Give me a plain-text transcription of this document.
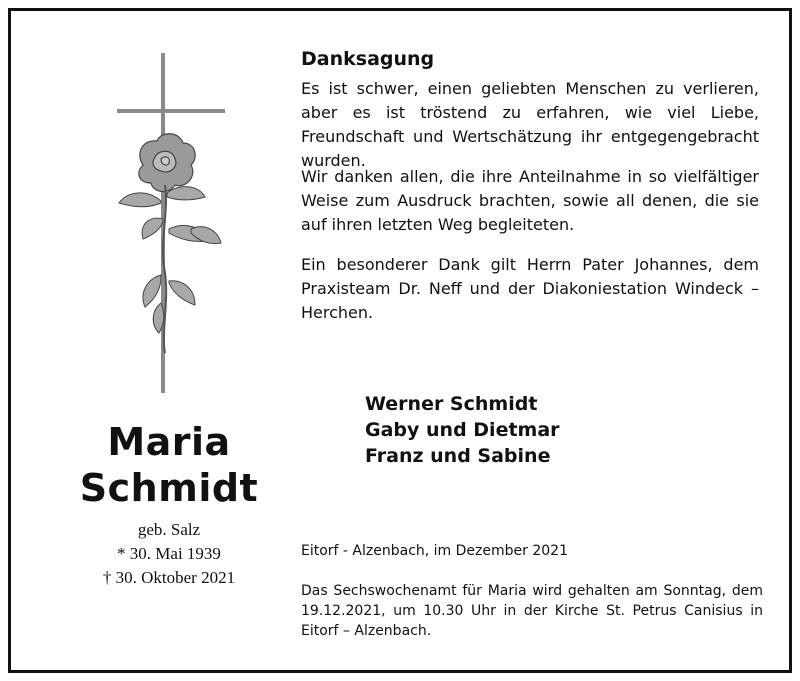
Maria
Schmidt
geb. Salz
* 30. Mai 1939
† 30. Oktober 2021
Danksagung
Es ist schwer, einen geliebten Menschen zu verlieren, aber es ist tröstend zu erfahren, wie viel Liebe, Freundschaft und Wertschätzung ihr entgegengebracht wurden.
Wir danken allen, die ihre Anteilnahme in so vielfältiger Weise zum Ausdruck brachten, sowie all denen, die sie auf ihren letzten Weg begleiteten.
Ein besonderer Dank gilt Herrn Pater Johannes, dem Praxisteam Dr. Neff und der Diakoniestation Windeck – Herchen.
Werner Schmidt
Gaby und Dietmar
Franz und Sabine
Eitorf - Alzenbach, im Dezember 2021
Das Sechswochenamt für Maria wird gehalten am Sonntag, dem 19.12.2021, um 10.30 Uhr in der Kirche St. Petrus Canisius in Eitorf – Alzenbach.
